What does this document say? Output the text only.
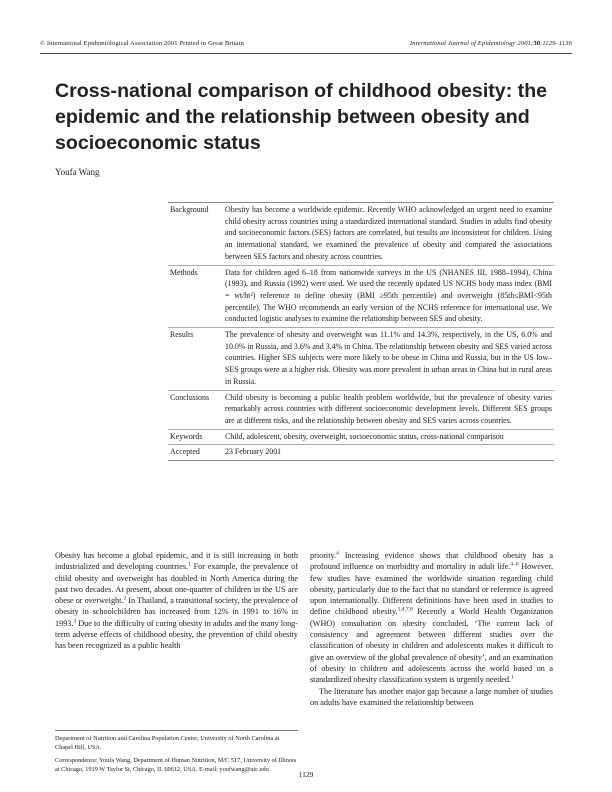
© International Epidemiological Association 2001 Printed in Great Britain	International Journal of Epidemiology 2001;30:1129–1136
Cross-national comparison of childhood obesity: the epidemic and the relationship between obesity and socioeconomic status
Youfa Wang
Background	Obesity has become a worldwide epidemic. Recently WHO acknowledged an urgent need to examine child obesity across countries using a standardized international standard. Studies in adults find obesity and socioeconomic factors (SES) factors are correlated, but results are inconsistent for children. Using an international standard, we examined the prevalence of obesity and compared the associations between SES factors and obesity across countries.
Methods	Data for children aged 6–18 from nationwide surveys in the US (NHANES III, 1988–1994), China (1993), and Russia (1992) were used. We used the recently updated US NCHS body mass index (BMI = wt/ht²) reference to define obesity (BMI ≥95th percentile) and overweight (85th≤BMI<95th percentile). The WHO recommends an early version of the NCHS reference for international use. We conducted logistic analyses to examine the relationship between SES and obesity.
Results	The prevalence of obesity and overweight was 11.1% and 14.3%, respectively, in the US, 6.0% and 10.0% in Russia, and 3.6% and 3.4% in China. The relationship between obesity and SES varied across countries. Higher SES subjects were more likely to be obese in China and Russia, but in the US low–SES groups were at a higher risk. Obesity was more prevalent in urban areas in China but in rural areas in Russia.
Conclusions	Child obesity is becoming a public health problem worldwide, but the prevalence of obesity varies remarkably across countries with different socioeconomic development levels. Different SES groups are at different risks, and the relationship between obesity and SES varies across countries.
Keywords	Child, adolescent, obesity, overweight, socioeconomic status, cross-national comparison
Accepted	23 February 2001

Obesity has become a global epidemic, and it is still increasing in both industrialized and developing countries.$^1$ For example, the prevalence of child obesity and overweight has doubled in North America during the past two decades. At present, about one-quarter of children in the US are obese or overweight.$^2$ In Thailand, a transitional society, the prevalence of obesity in schoolchildren has increased from 12% in 1991 to 16% in 1993.$^3$ Due to the difficulty of curing obesity in adults and the many long-term adverse effects of childhood obesity, the prevention of child obesity has been recognized as a public health

priority.$^4$ Increasing evidence shows that childhood obesity has a profound influence on morbidity and mortality in adult life.$^{4-6}$ However, few studies have examined the worldwide situation regarding child obesity, particularly due to the fact that no standard or reference is agreed upon internationally. Different definitions have been used in studies to define childhood obesity.$^{1,4,7,8}$ Recently a World Health Organization (WHO) consultation on obesity concluded, ‘The current lack of consistency and agreement between different studies over the classification of obesity in children and adolescents makes it difficult to give an overview of the global prevalence of obesity’, and an examination of obesity in children and adolescents across the world based on a standardized obesity classification system is urgently needed.$^1$

The literature has another major gap because a large number of studies on adults have examined the relationship between

Department of Nutrition and Carolina Population Center, University of North Carolina at Chapel Hill, USA.
Correspondence: Youfa Wang, Department of Human Nutrition, M/C 517, University of Illinois at Chicago, 1919 W Taylor St, Chicago, IL 60612, USA. E-mail: youfwang@uic.edu
1129
